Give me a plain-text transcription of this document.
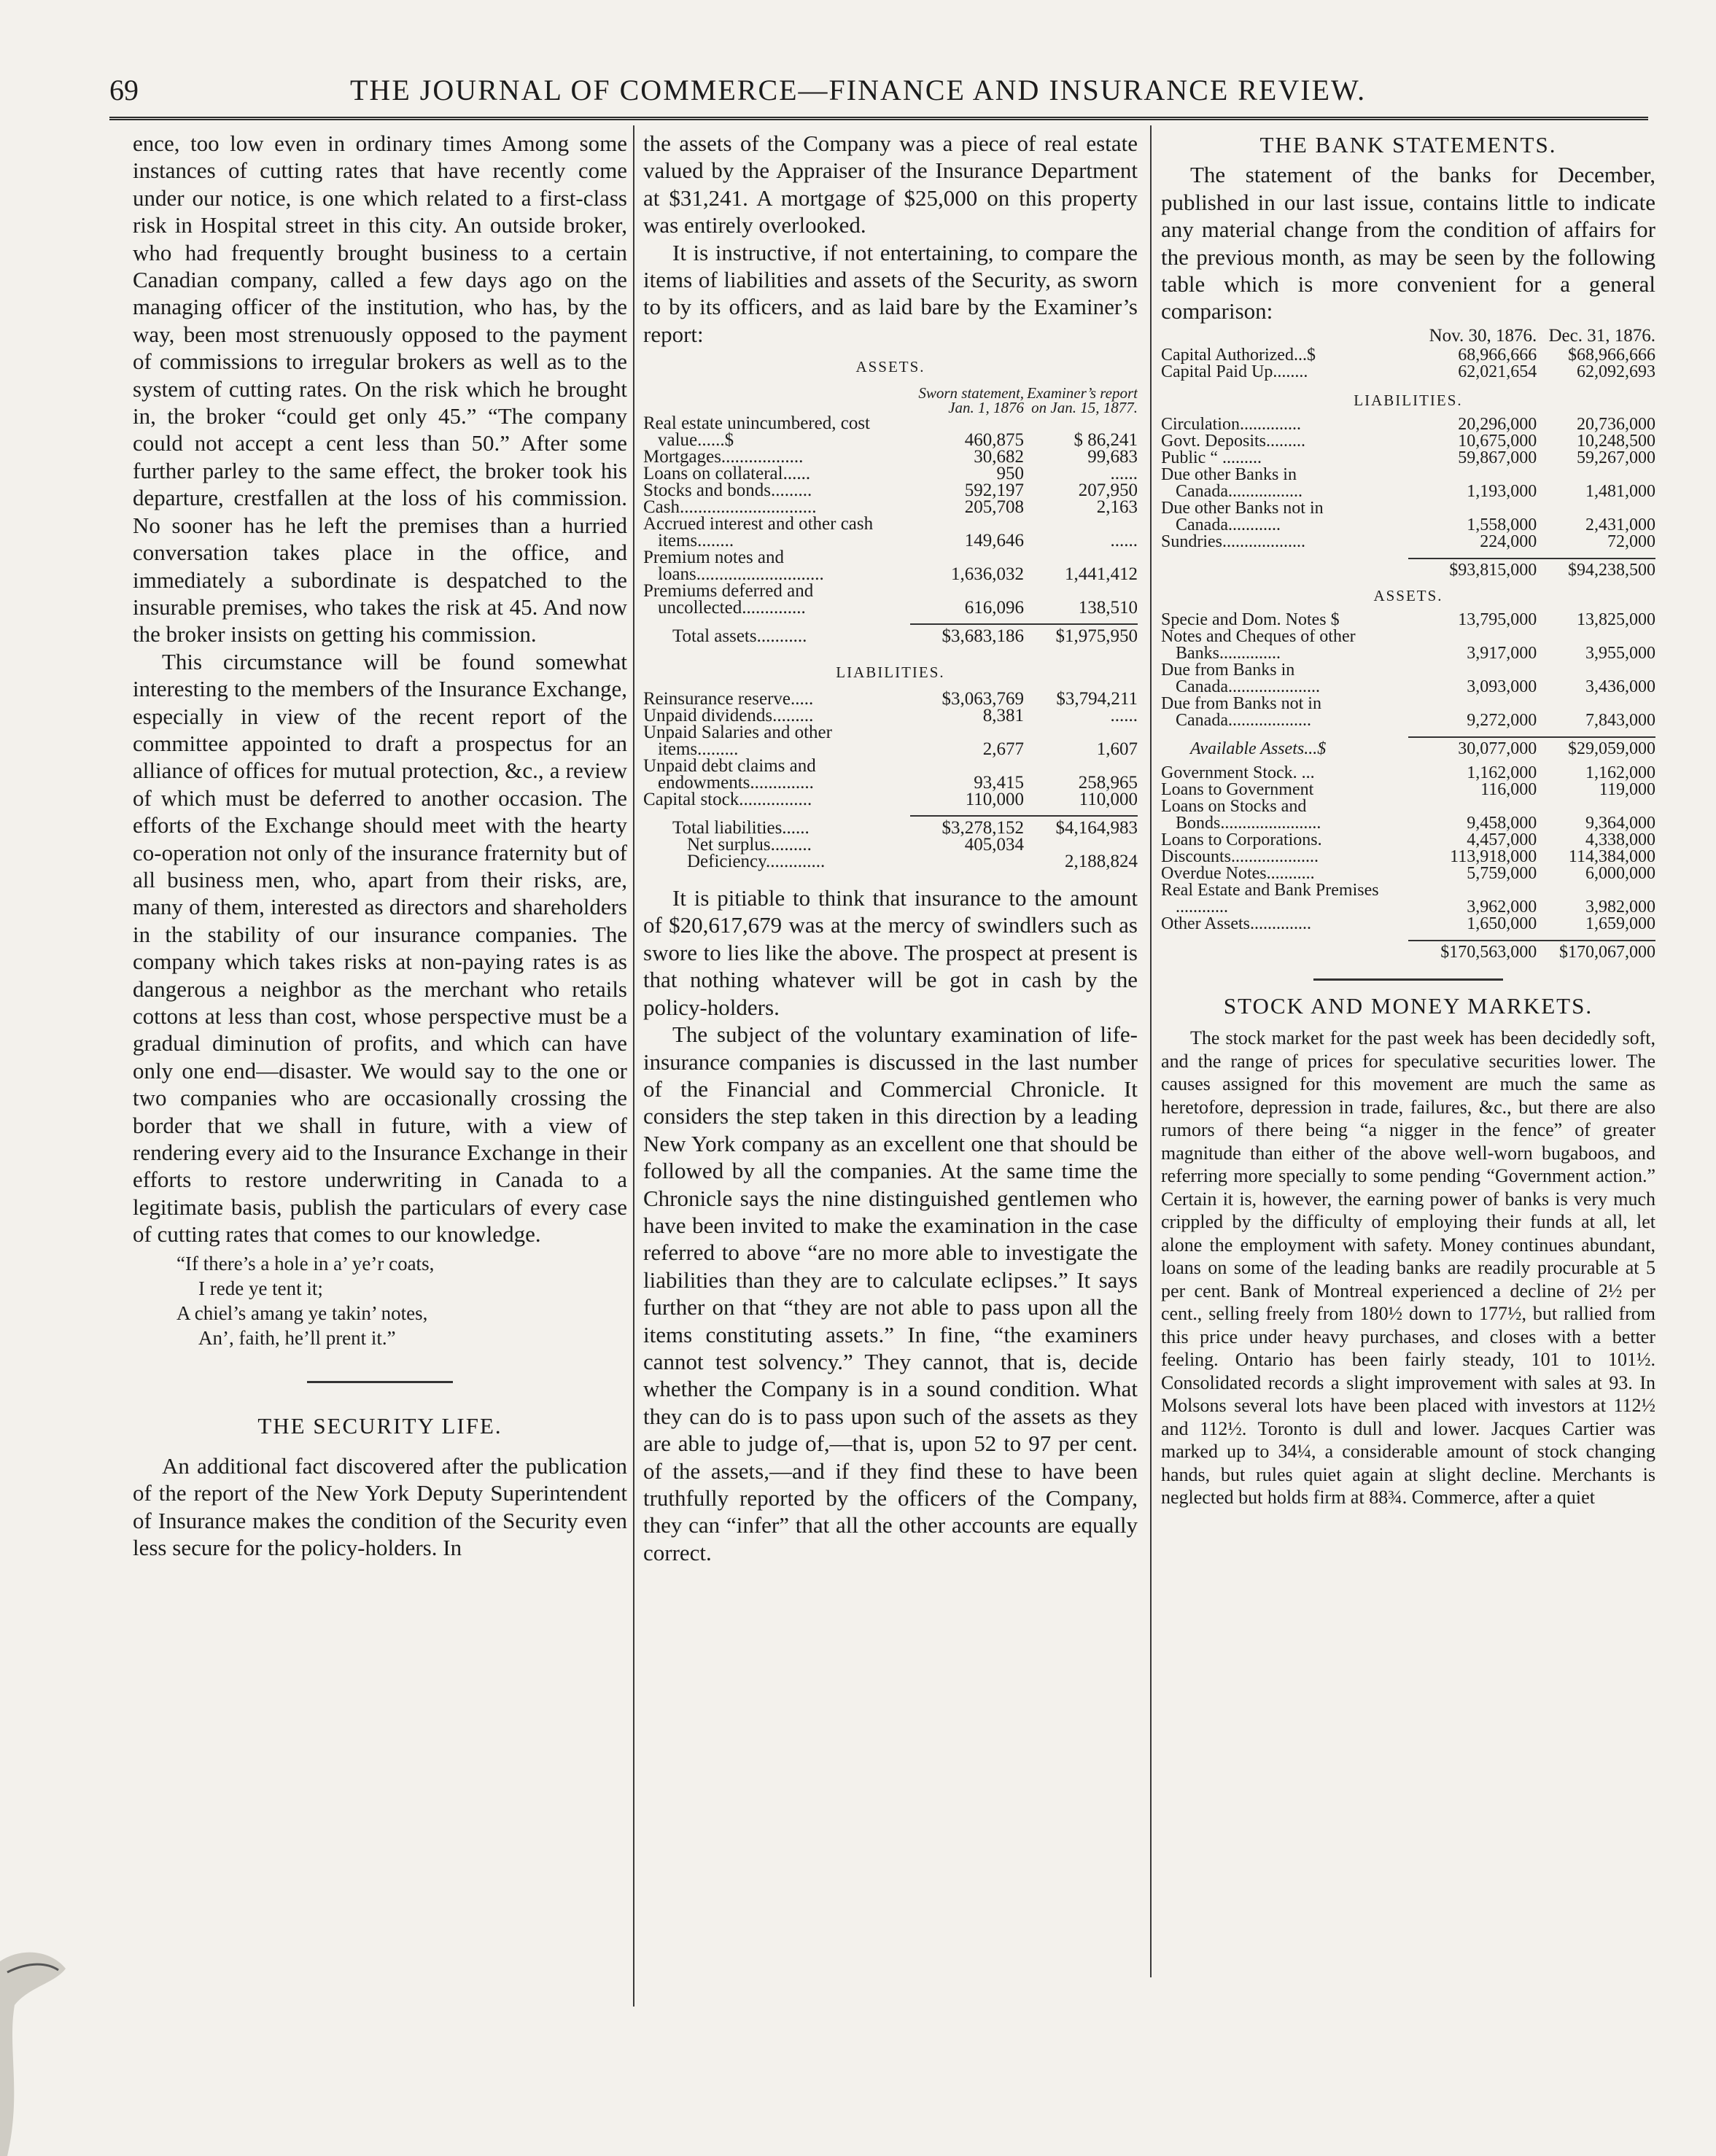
69	THE JOURNAL OF COMMERCE—FINANCE AND INSURANCE REVIEW.

ence, too low even in ordinary times Among some instances of cutting rates that have recently come under our notice, is one which related to a first-class risk in Hospital street in this city. An outside broker, who had frequently brought business to a certain Canadian company, called a few days ago on the managing officer of the institution, who has, by the way, been most strenuously opposed to the payment of commissions to irregular brokers as well as to the system of cutting rates. On the risk which he brought in, the broker “could get only 45.” “The company could not accept a cent less than 50.” After some further parley to the same effect, the broker took his departure, crestfallen at the loss of his commission. No sooner has he left the premises than a hurried conversation takes place in the office, and immediately a subordinate is despatched to the insurable premises, who takes the risk at 45. And now the broker insists on getting his commission.

This circumstance will be found somewhat interesting to the members of the Insurance Exchange, especially in view of the recent report of the committee appointed to draft a prospectus for an alliance of offices for mutual protection, &c., a review of which must be deferred to another occasion. The efforts of the Exchange should meet with the hearty co-operation not only of the insurance fraternity but of all business men, who, apart from their risks, are, many of them, interested as directors and shareholders in the stability of our insurance companies. The company which takes risks at non-paying rates is as dangerous a neighbor as the merchant who retails cottons at less than cost, whose perspective must be a gradual diminution of profits, and which can have only one end—disaster. We would say to the one or two companies who are occasionally crossing the border that we shall in future, with a view of rendering every aid to the Insurance Exchange in their efforts to restore underwriting in Canada to a legitimate basis, publish the particulars of every case of cutting rates that comes to our knowledge.

“If there’s a hole in a’ ye’r coats,
I rede ye tent it;
A chiel’s amang ye takin’ notes,
An’, faith, he’ll prent it.”
THE SECURITY LIFE.

An additional fact discovered after the publication of the report of the New York Deputy Superintendent of Insurance makes the condition of the Security even less secure for the policy-holders. In

the assets of the Company was a piece of real estate valued by the Appraiser of the Insurance Department at $31,241. A mortgage of $25,000 on this property was entirely overlooked.

It is instructive, if not entertaining, to compare the items of liabilities and assets of the Security, as sworn to by its officers, and as laid bare by the Examiner’s report:

ASSETS.
	Sworn statement, Jan. 1, 1876	Examiner’s report on Jan. 15, 1877.
Real estate unincumbered, cost value......$	460,875	$ 86,241
Mortgages..................	30,682	99,683
Loans on collateral......	950	......
Stocks and bonds.........	592,197	207,950
Cash..............................	205,708	2,163
Accrued interest and other cash items........	149,646	......
Premium notes and loans............................	1,636,032	1,441,412
Premiums deferred and uncollected..............	616,096	138,510

Total assets...........	$3,683,186	$1,975,950
LIABILITIES.
Reinsurance reserve.....	$3,063,769	$3,794,211
Unpaid dividends.........	8,381	......
Unpaid Salaries and other items.........	2,677	1,607
Unpaid debt claims and endowments..............	93,415	258,965
Capital stock................	110,000	110,000

Total liabilities......	$3,278,152	$4,164,983
Net surplus.........	405,034	
Deficiency.............		2,188,824

It is pitiable to think that insurance to the amount of $20,617,679 was at the mercy of swindlers such as swore to lies like the above. The prospect at present is that nothing whatever will be got in cash by the policy-holders.

The subject of the voluntary examination of life-insurance companies is discussed in the last number of the Financial and Commercial Chronicle. It considers the step taken in this direction by a leading New York company as an excellent one that should be followed by all the companies. At the same time the Chronicle says the nine distinguished gentlemen who have been invited to make the examination in the case referred to above “are no more able to investigate the liabilities than they are to calculate eclipses.” It says further on that “they are not able to pass upon all the items constituting assets.” In fine, “the examiners cannot test solvency.” They cannot, that is, decide whether the Company is in a sound condition. What they can do is to pass upon such of the assets as they are able to judge of,—that is, upon 52 to 97 per cent. of the assets,—and if they find these to have been truthfully reported by the officers of the Company, they can “infer” that all the other accounts are equally correct.

THE BANK STATEMENTS.

The statement of the banks for December, published in our last issue, contains little to indicate any material change from the condition of affairs for the previous month, as may be seen by the following table which is more convenient for a general comparison:

	Nov. 30, 1876.	Dec. 31, 1876.
Capital Authorized...$	68,966,666	$68,966,666
Capital Paid Up........	62,021,654	62,092,693

LIABILITIES.		

Circulation..............	20,296,000	20,736,000
Govt. Deposits.........	10,675,000	10,248,500
Public “ .........	59,867,000	59,267,000
Due other Banks in Canada.................	1,193,000	1,481,000
Due other Banks not in Canada............	1,558,000	2,431,000
Sundries...................	224,000	72,000

	$93,815,000	$94,238,500

ASSETS.		

Specie and Dom. Notes $	13,795,000	13,825,000
Notes and Cheques of other Banks..............	3,917,000	3,955,000
Due from Banks in Canada.....................	3,093,000	3,436,000
Due from Banks not in Canada...................	9,272,000	7,843,000

Available Assets...$	30,077,000	$29,059,000

Government Stock. ...	1,162,000	1,162,000
Loans to Government	116,000	119,000
Loans on Stocks and Bonds.......................	9,458,000	9,364,000
Loans to Corporations.	4,457,000	4,338,000
Discounts....................	113,918,000	114,384,000
Overdue Notes...........	5,759,000	6,000,000
Real Estate and Bank Premises ............	3,962,000	3,982,000
Other Assets..............	1,650,000	1,659,000

	$170,563,000	$170,067,000
STOCK AND MONEY MARKETS.

The stock market for the past week has been decidedly soft, and the range of prices for speculative securities lower. The causes assigned for this movement are much the same as heretofore, depression in trade, failures, &c., but there are also rumors of there being “a nigger in the fence” of greater magnitude than either of the above well-worn bugaboos, and referring more specially to some pending “Government action.” Certain it is, however, the earning power of banks is very much crippled by the difficulty of employing their funds at all, let alone the employment with safety. Money continues abundant, loans on some of the leading banks are readily procurable at 5 per cent. Bank of Montreal experienced a decline of 2½ per cent., selling freely from 180½ down to 177½, but rallied from this price under heavy purchases, and closes with a better feeling. Ontario has been fairly steady, 101 to 101½. Consolidated records a slight improvement with sales at 93. In Molsons several lots have been placed with investors at 112½ and 112½. Toronto is dull and lower. Jacques Cartier was marked up to 34¼, a considerable amount of stock changing hands, but rules quiet again at slight decline. Merchants is neglected but holds firm at 88¾. Commerce, after a quiet
